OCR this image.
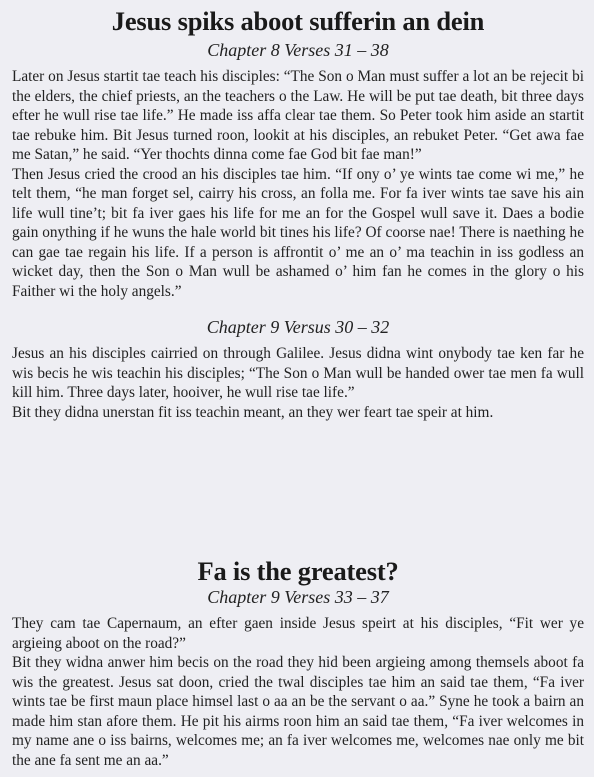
Jesus spiks aboot sufferin an dein
Chapter 8 Verses 31 – 38

Later on Jesus startit tae teach his disciples: “The Son o Man must suffer a lot an be rejecit bi the elders, the chief priests, an the teachers o the Law. He will be put tae death, bit three days efter he wull rise tae life.” He made iss affa clear tae them. So Peter took him aside an startit tae rebuke him. Bit Jesus turned roon, lookit at his disciples, an rebuket Peter. “Get awa fae me Satan,” he said. “Yer thochts dinna come fae God bit fae man!”

Then Jesus cried the crood an his disciples tae him. “If ony o’ ye wints tae come wi me,” he telt them, “he man forget sel, cairry his cross, an folla me. For fa iver wints tae save his ain life wull tine’t; bit fa iver gaes his life for me an for the Gospel wull save it. Daes a bodie gain onything if he wuns the hale world bit tines his life? Of coorse nae! There is naething he can gae tae regain his life. If a person is affrontit o’ me an o’ ma teachin in iss godless an wicket day, then the Son o Man wull be ashamed o’ him fan he comes in the glory o his Faither wi the holy angels.”

Chapter 9 Versus 30 – 32

Jesus an his disciples cairried on through Galilee. Jesus didna wint onybody tae ken far he wis becis he wis teachin his disciples; “The Son o Man wull be handed ower tae men fa wull kill him. Three days later, hooiver, he wull rise tae life.”

Bit they didna unerstan fit iss teachin meant, an they wer feart tae speir at him.

Fa is the greatest?
Chapter 9 Verses 33 – 37

They cam tae Capernaum, an efter gaen inside Jesus speirt at his disciples, “Fit wer ye argieing aboot on the road?”

Bit they widna anwer him becis on the road they hid been argieing among themsels aboot fa wis the greatest. Jesus sat doon, cried the twal disciples tae him an said tae them, “Fa iver wints tae be first maun place himsel last o aa an be the servant o aa.” Syne he took a bairn an made him stan afore them. He pit his airms roon him an said tae them, “Fa iver welcomes in my name ane o iss bairns, welcomes me; an fa iver welcomes me, welcomes nae only me bit the ane fa sent me an aa.”
